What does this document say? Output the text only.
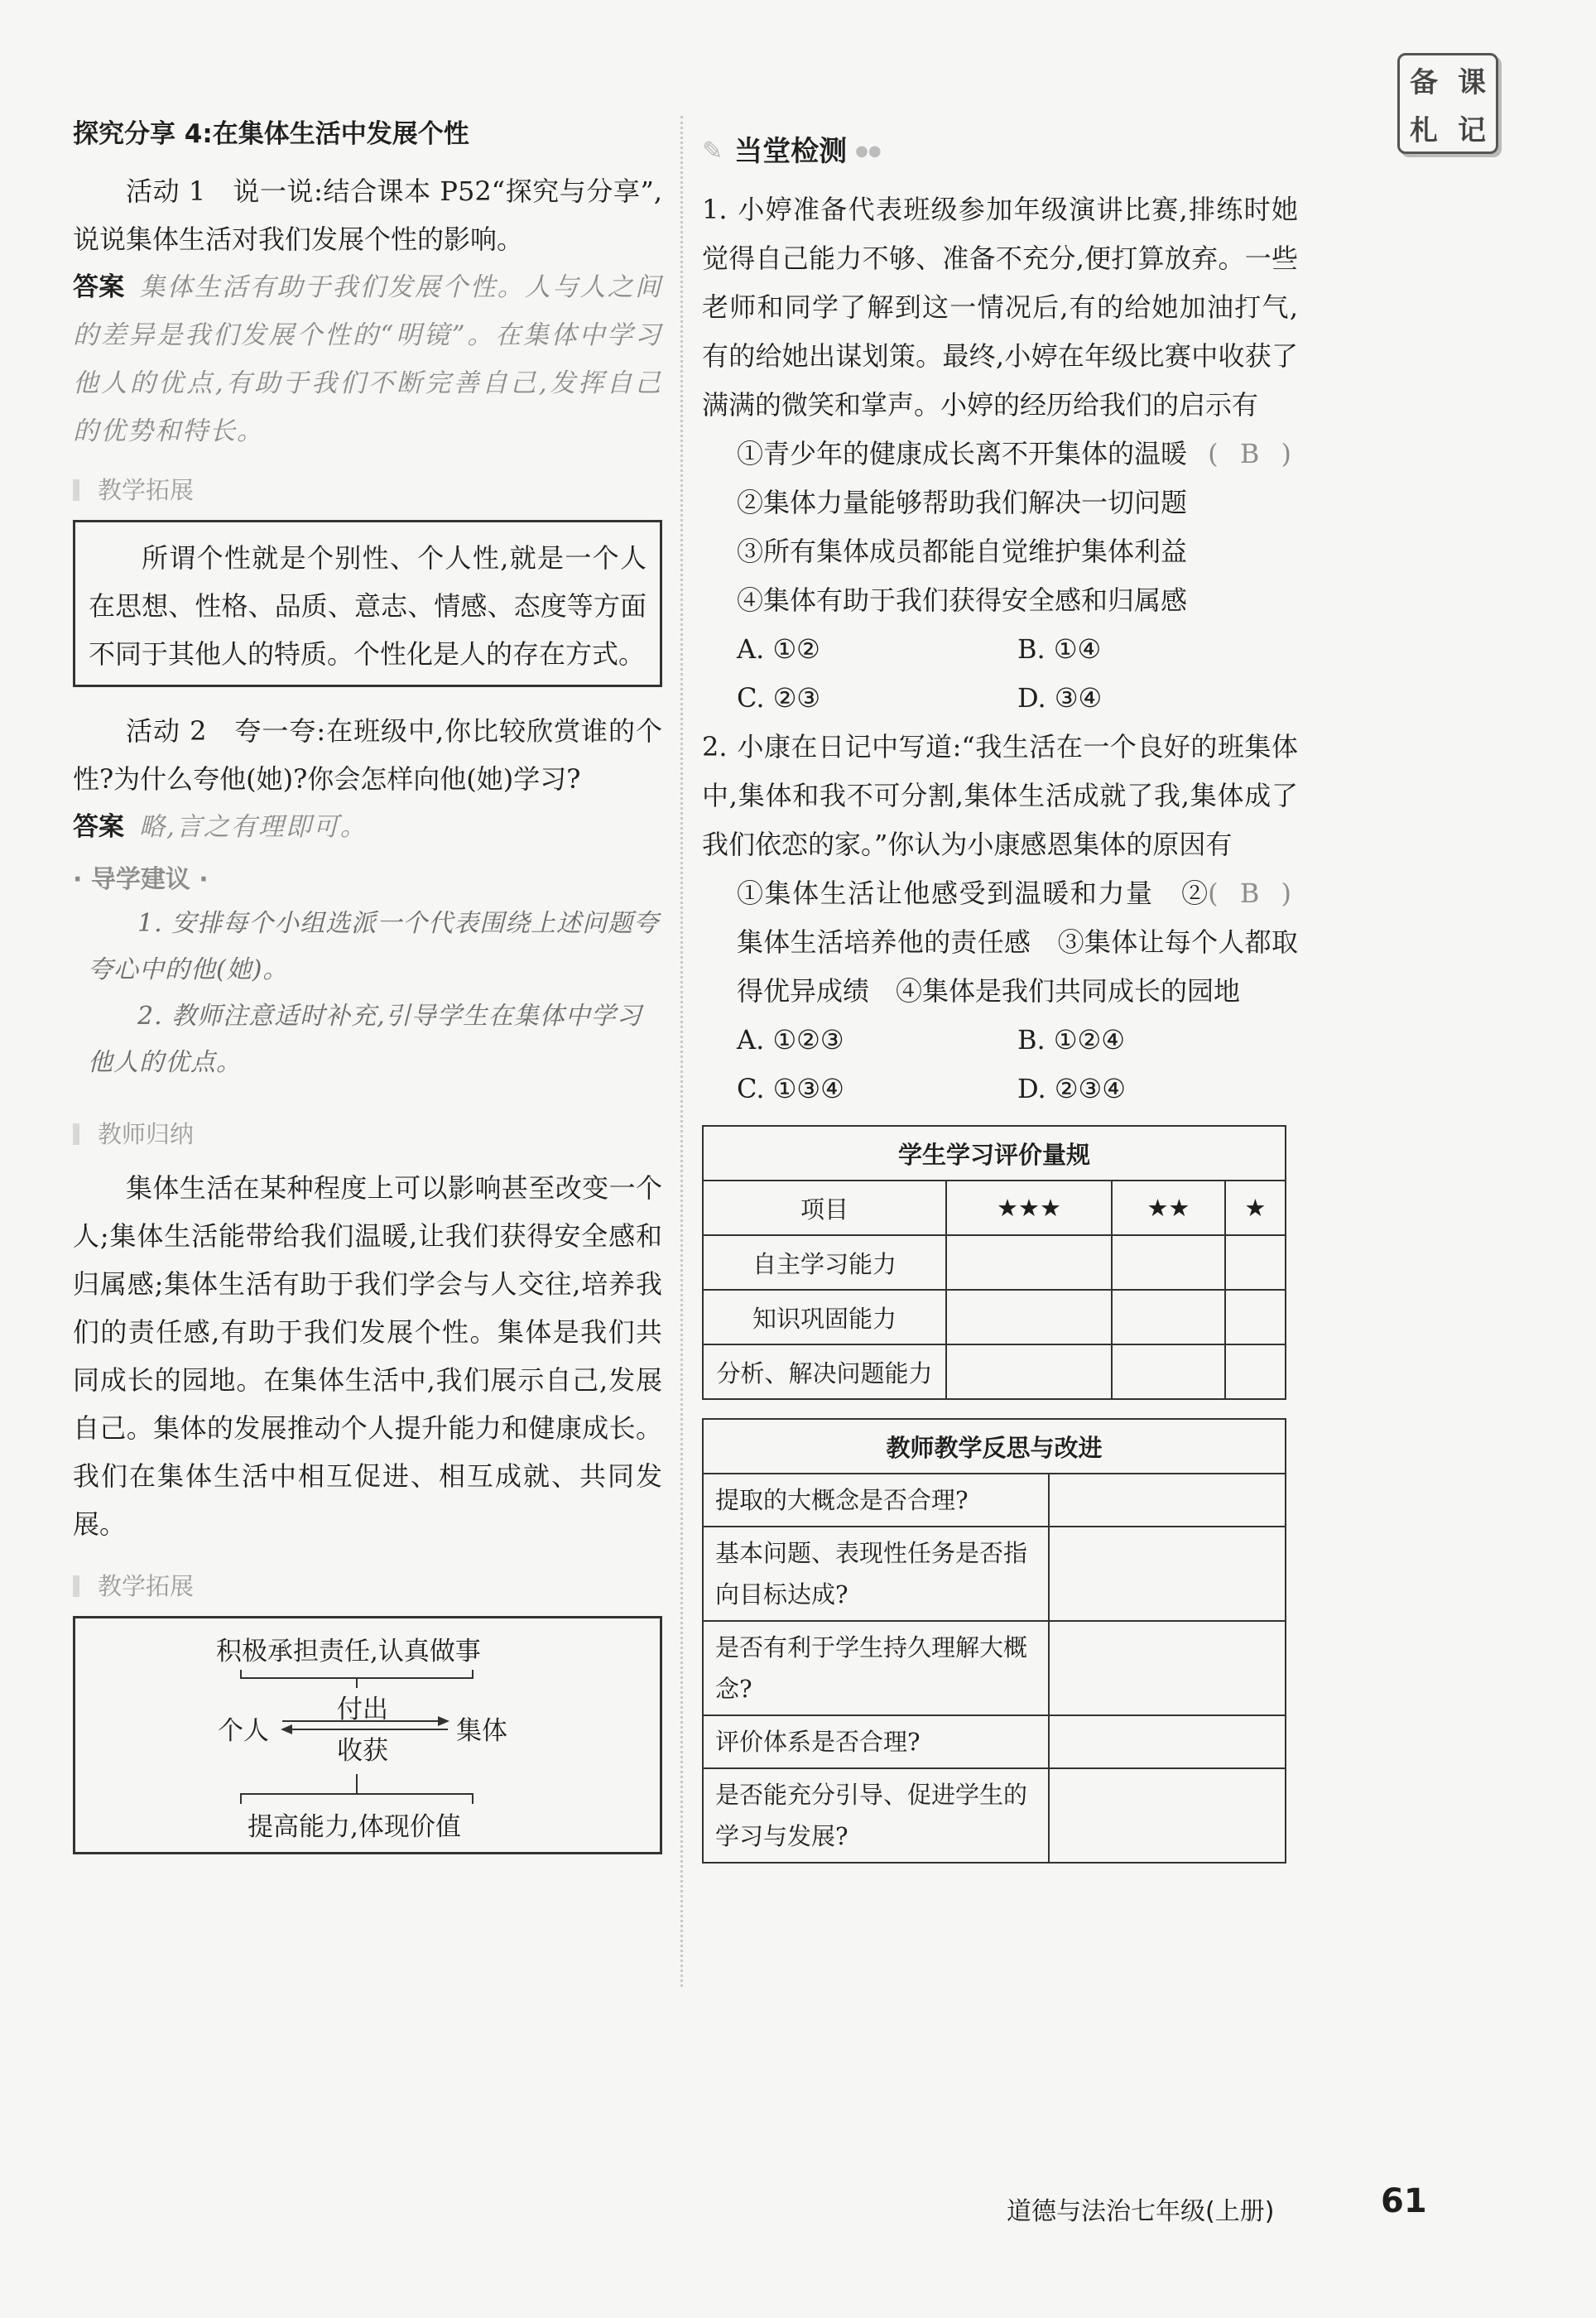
备 课
札 记
探究分享 4:在集体生活中发展个性
活动 1　说一说:结合课本 P52“探究与分享”,说说集体生活对我们发展个性的影响。
答案 集体生活有助于我们发展个性。人与人之间的差异是我们发展个性的“明镜”。在集体中学习他人的优点,有助于我们不断完善自己,发挥自己的优势和特长。
教学拓展
所谓个性就是个别性、个人性,就是一个人在思想、性格、品质、意志、情感、态度等方面不同于其他人的特质。个性化是人的存在方式。
活动 2　夸一夸:在班级中,你比较欣赏谁的个性?为什么夸他(她)?你会怎样向他(她)学习?
答案 略,言之有理即可。
· 导学建议 ·

1. 安排每个小组选派一个代表围绕上述问题夸夸心中的他(她)。

2. 教师注意适时补充,引导学生在集体中学习他人的优点。

教师归纳
集体生活在某种程度上可以影响甚至改变一个人;集体生活能带给我们温暖,让我们获得安全感和归属感;集体生活有助于我们学会与人交往,培养我们的责任感,有助于我们发展个性。集体是我们共同成长的园地。在集体生活中,我们展示自己,发展自己。集体的发展推动个人提升能力和健康成长。我们在集体生活中相互促进、相互成就、共同发展。
教学拓展
积极承担责任,认真做事
个人	集体
付出
收获
提高能力,体现价值
✎ 当堂检测 ●●
1. 小婷准备代表班级参加年级演讲比赛,排练时她觉得自己能力不够、准备不充分,便打算放弃。一些老师和同学了解到这一情况后,有的给她加油打气,有的给她出谋划策。最终,小婷在年级比赛中收获了满满的微笑和掌声。小婷的经历给我们的启示有
( B )
①青少年的健康成长离不开集体的温暖
②集体力量能够帮助我们解决一切问题
③所有集体成员都能自觉维护集体利益
④集体有助于我们获得安全感和归属感
A. ①②	B. ①④
C. ②③	D. ③④
2. 小康在日记中写道:“我生活在一个良好的班集体中,集体和我不可分割,集体生活成就了我,集体成了我们依恋的家。”你认为小康感恩集体的原因有
( B )
①集体生活让他感受到温暖和力量　②集体生活培养他的责任感　③集体让每个人都取得优异成绩　④集体是我们共同成长的园地
A. ①②③	B. ①②④
C. ①③④	D. ②③④
学生学习评价量规			
项目	★★★	★★	★
自主学习能力			
知识巩固能力			
分析、解决问题能力			
教师教学反思与改进	
提取的大概念是否合理?	
基本问题、表现性任务是否指向目标达成?	
是否有利于学生持久理解大概念?	
评价体系是否合理?	
是否能充分引导、促进学生的学习与发展?	
道德与法治七年级(上册)	61
